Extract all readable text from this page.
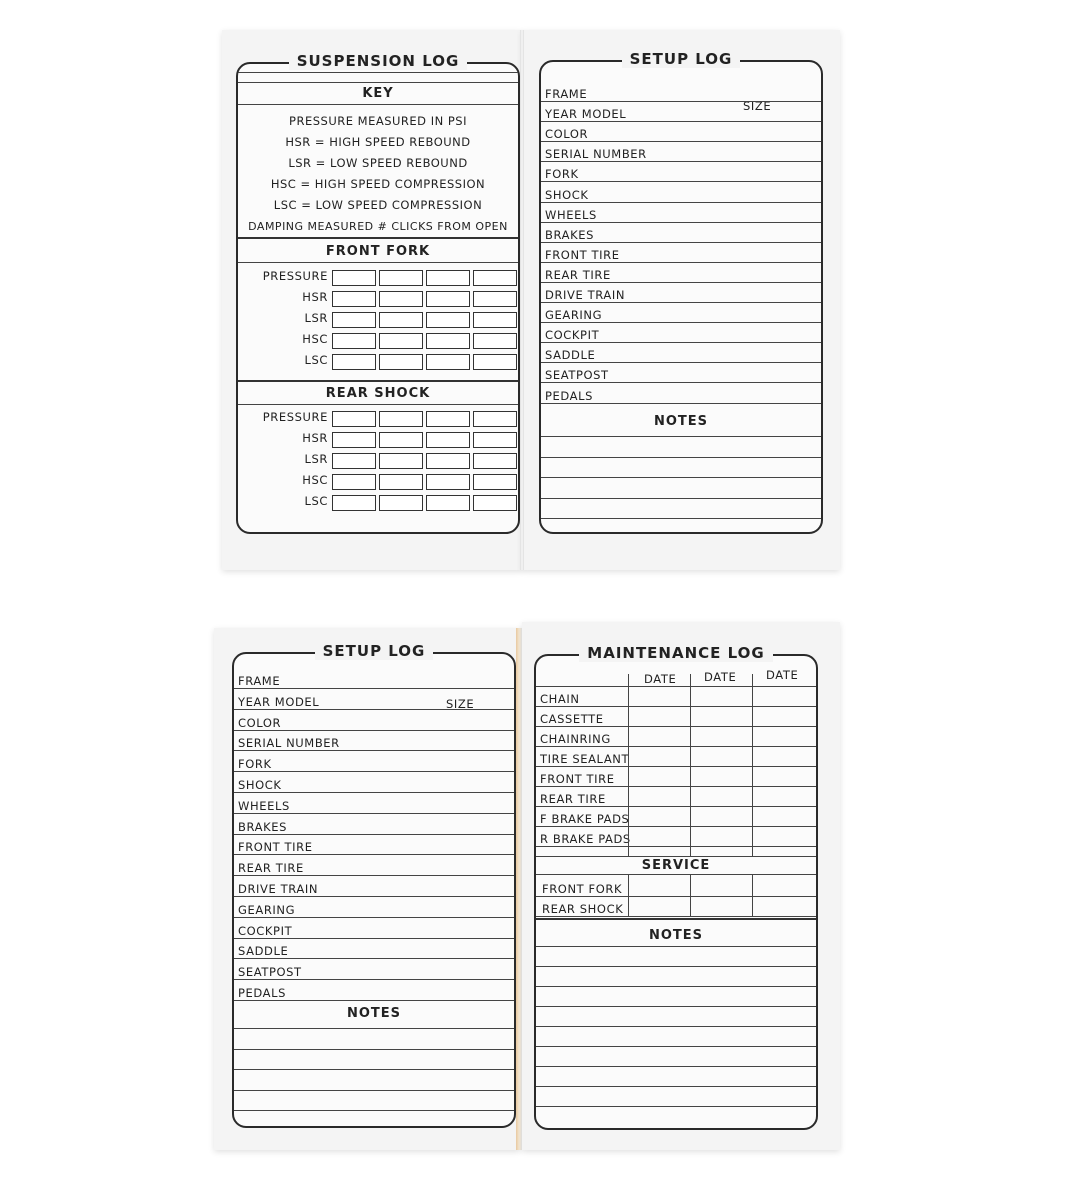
SUSPENSION LOG
KEY
PRESSURE MEASURED IN PSI
HSR = HIGH SPEED REBOUND
LSR = LOW SPEED REBOUND
HSC = HIGH SPEED COMPRESSION
LSC = LOW SPEED COMPRESSION
DAMPING MEASURED # CLICKS FROM OPEN
FRONT FORK
PRESSURE
HSR
LSR
HSC
LSC
REAR SHOCK
PRESSURE
HSR
LSR
HSC
LSC
SETUP LOG
SIZE
FRAME
YEAR MODEL
COLOR
SERIAL NUMBER
FORK
SHOCK
WHEELS
BRAKES
FRONT TIRE
REAR TIRE
DRIVE TRAIN
GEARING
COCKPIT
SADDLE
SEATPOST
PEDALS
NOTES
SETUP LOG
SIZE
FRAME
YEAR MODEL
COLOR
SERIAL NUMBER
FORK
SHOCK
WHEELS
BRAKES
FRONT TIRE
REAR TIRE
DRIVE TRAIN
GEARING
COCKPIT
SADDLE
SEATPOST
PEDALS
NOTES
MAINTENANCE LOG
DATE DATE	DATE
SERVICE
NOTES
CHAIN
CASSETTE
CHAINRING
TIRE SEALANT
FRONT TIRE
REAR TIRE
F BRAKE PADS
R BRAKE PADS
FRONT FORK
REAR SHOCK
